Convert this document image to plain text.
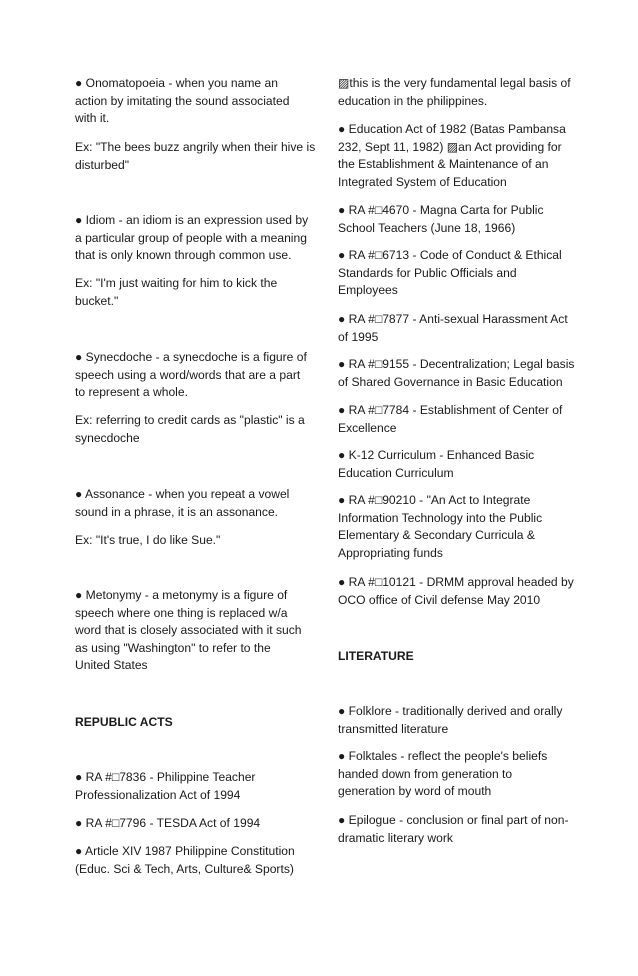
● Onomatopoeia - when you name an
action by imitating the sound associated
with it.

Ex: "The bees buzz angrily when their hive is
disturbed"

● Idiom - an idiom is an expression used by
a particular group of people with a meaning
that is only known through common use.

Ex: "I'm just waiting for him to kick the
bucket."

● Synecdoche - a synecdoche is a figure of
speech using a word/words that are a part
to represent a whole.

Ex: referring to credit cards as "plastic" is a
synecdoche

● Assonance - when you repeat a vowel
sound in a phrase, it is an assonance.

Ex: "It's true, I do like Sue."

● Metonymy - a metonymy is a figure of
speech where one thing is replaced w/a
word that is closely associated with it such
as using "Washington" to refer to the
United States

REPUBLIC ACTS

● RA #□7836 - Philippine Teacher
Professionalization Act of 1994

● RA #□7796 - TESDA Act of 1994

● Article XIV 1987 Philippine Constitution
(Educ. Sci & Tech, Arts, Culture& Sports)

▨this is the very fundamental legal basis of
education in the philippines.

● Education Act of 1982 (Batas Pambansa
232, Sept 11, 1982) ▨an Act providing for
the Establishment & Maintenance of an
Integrated System of Education

● RA #□4670 - Magna Carta for Public
School Teachers (June 18, 1966)

● RA #□6713 - Code of Conduct & Ethical
Standards for Public Officials and
Employees

● RA #□7877 - Anti-sexual Harassment Act
of 1995

● RA #□9155 - Decentralization; Legal basis
of Shared Governance in Basic Education

● RA #□7784 - Establishment of Center of
Excellence

● K-12 Curriculum - Enhanced Basic
Education Curriculum

● RA #□90210 - "An Act to Integrate
Information Technology into the Public
Elementary & Secondary Curricula &
Appropriating funds

● RA #□10121 - DRMM approval headed by
OCO office of Civil defense May 2010

LITERATURE

● Folklore - traditionally derived and orally
transmitted literature

● Folktales - reflect the people's beliefs
handed down from generation to
generation by word of mouth

● Epilogue - conclusion or final part of non-
dramatic literary work
